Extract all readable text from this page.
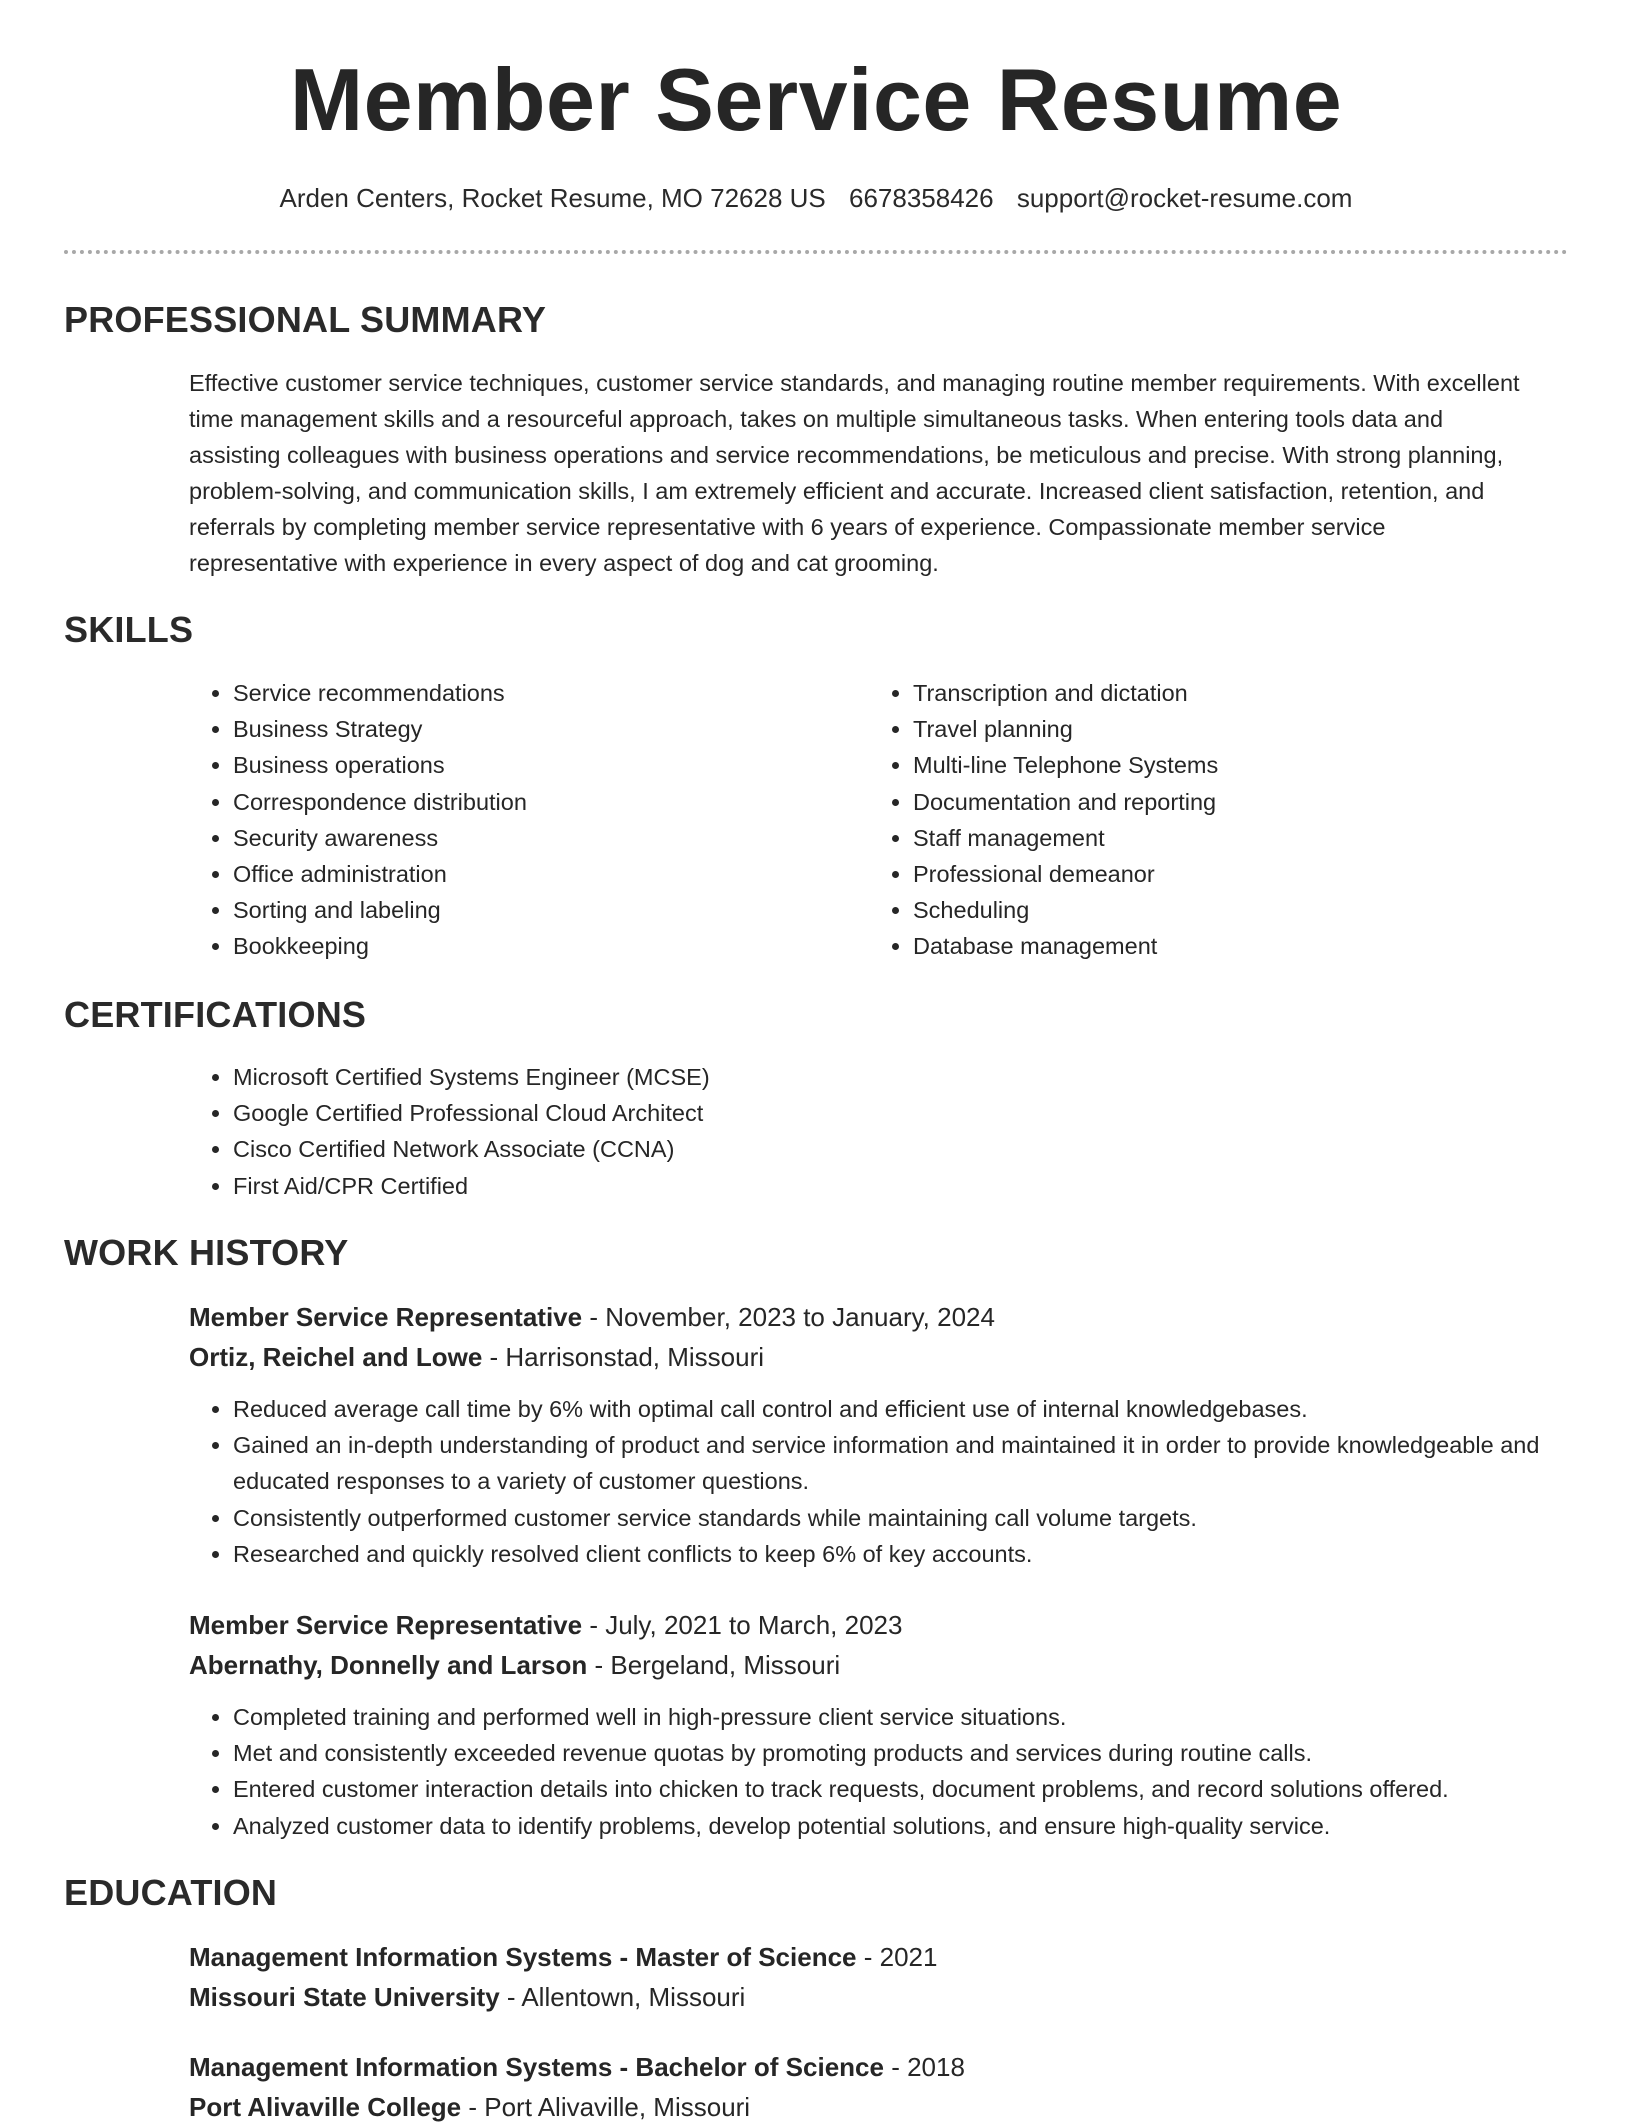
Member Service Resume
Arden Centers, Rocket Resume, MO 72628 US 6678358426 support@rocket-resume.com
PROFESSIONAL SUMMARY

Effective customer service techniques, customer service standards, and managing routine member requirements. With excellent time management skills and a resourceful approach, takes on multiple simultaneous tasks. When entering tools data and assisting colleagues with business operations and service recommendations, be meticulous and precise. With strong planning, problem-solving, and communication skills, I am extremely efficient and accurate. Increased client satisfaction, retention, and referrals by completing member service representative with 6 years of experience. Compassionate member service representative with experience in every aspect of dog and cat grooming.

SKILLS
• Service recommendations
• Business Strategy
• Business operations
• Correspondence distribution
• Security awareness
• Office administration
• Sorting and labeling
• Bookkeeping
• Transcription and dictation
• Travel planning
• Multi-line Telephone Systems
• Documentation and reporting
• Staff management
• Professional demeanor
• Scheduling
• Database management
CERTIFICATIONS
• Microsoft Certified Systems Engineer (MCSE)
• Google Certified Professional Cloud Architect
• Cisco Certified Network Associate (CCNA)
• First Aid/CPR Certified
WORK HISTORY
Member Service Representative - November, 2023 to January, 2024
Ortiz, Reichel and Lowe - Harrisonstad, Missouri
• Reduced average call time by 6% with optimal call control and efficient use of internal knowledgebases.
• Gained an in-depth understanding of product and service information and maintained it in order to provide knowledgeable and educated responses to a variety of customer questions.
• Consistently outperformed customer service standards while maintaining call volume targets.
• Researched and quickly resolved client conflicts to keep 6% of key accounts.
Member Service Representative - July, 2021 to March, 2023
Abernathy, Donnelly and Larson - Bergeland, Missouri
• Completed training and performed well in high-pressure client service situations.
• Met and consistently exceeded revenue quotas by promoting products and services during routine calls.
• Entered customer interaction details into chicken to track requests, document problems, and record solutions offered.
• Analyzed customer data to identify problems, develop potential solutions, and ensure high-quality service.
EDUCATION
Management Information Systems - Master of Science - 2021
Missouri State University - Allentown, Missouri
Management Information Systems - Bachelor of Science - 2018
Port Alivaville College - Port Alivaville, Missouri
